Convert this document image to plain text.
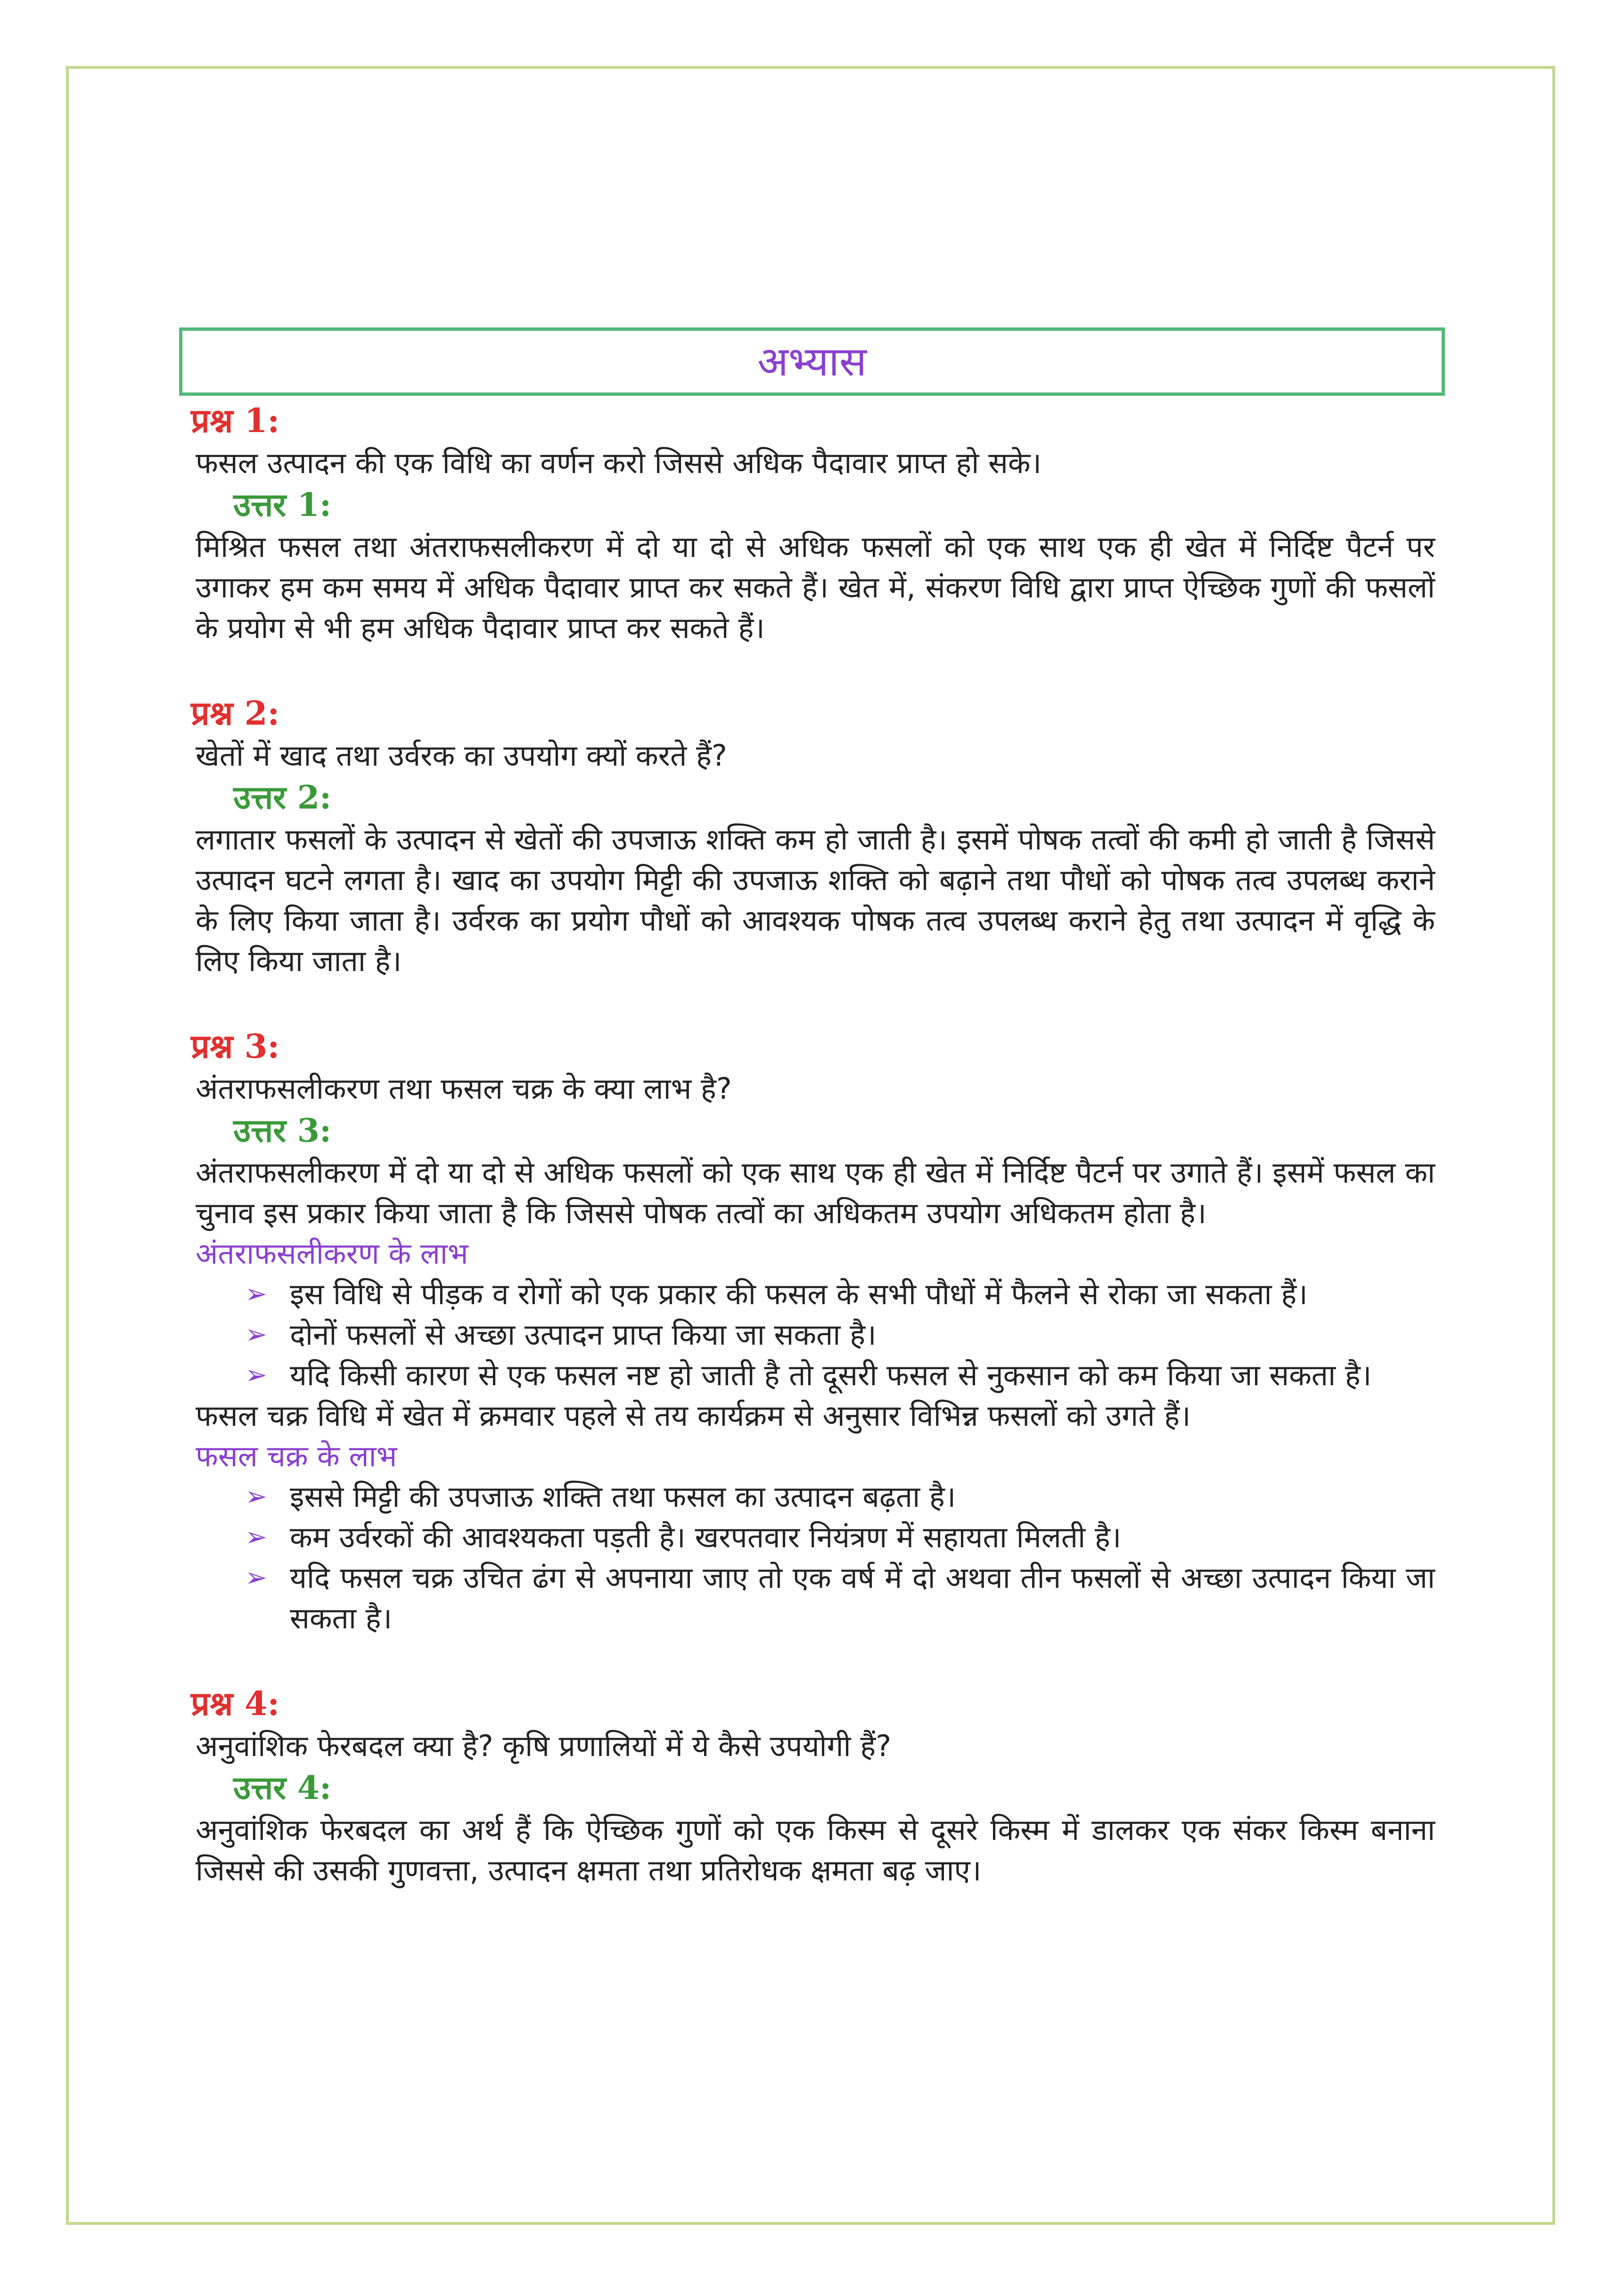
अभ्यास

प्रश्न 1:

फसल उत्पादन की एक विधि का वर्णन करो जिससे अधिक पैदावार प्राप्त हो सके।

उत्तर 1:

मिश्रित फसल तथा अंतराफसलीकरण में दो या दो से अधिक फसलों को एक साथ एक ही खेत में निर्दिष्ट पैटर्न पर उगाकर हम कम समय में अधिक पैदावार प्राप्त कर सकते हैं। खेत में, संकरण विधि द्वारा प्राप्त ऐच्छिक गुणों की फसलों के प्रयोग से भी हम अधिक पैदावार प्राप्त कर सकते हैं।

प्रश्न 2:

खेतों में खाद तथा उर्वरक का उपयोग क्यों करते हैं?

उत्तर 2:

लगातार फसलों के उत्पादन से खेतों की उपजाऊ शक्ति कम हो जाती है। इसमें पोषक तत्वों की कमी हो जाती है जिससे उत्पादन घटने लगता है। खाद का उपयोग मिट्टी की उपजाऊ शक्ति को बढ़ाने तथा पौधों को पोषक तत्व उपलब्ध कराने के लिए किया जाता है। उर्वरक का प्रयोग पौधों को आवश्यक पोषक तत्व उपलब्ध कराने हेतु तथा उत्पादन में वृद्धि के लिए किया जाता है।

प्रश्न 3:

अंतराफसलीकरण तथा फसल चक्र के क्या लाभ है?

उत्तर 3:

अंतराफसलीकरण में दो या दो से अधिक फसलों को एक साथ एक ही खेत में निर्दिष्ट पैटर्न पर उगाते हैं। इसमें फसल का चुनाव इस प्रकार किया जाता है कि जिससे पोषक तत्वों का अधिकतम उपयोग अधिकतम होता है।

अंतराफसलीकरण के लाभ

➢ इस विधि से पीड़क व रोगों को एक प्रकार की फसल के सभी पौधों में फैलने से रोका जा सकता हैं।
➢ दोनों फसलों से अच्छा उत्पादन प्राप्त किया जा सकता है।
➢ यदि किसी कारण से एक फसल नष्ट हो जाती है तो दूसरी फसल से नुकसान को कम किया जा सकता है।

फसल चक्र विधि में खेत में क्रमवार पहले से तय कार्यक्रम से अनुसार विभिन्न फसलों को उगते हैं।

फसल चक्र के लाभ

➢ इससे मिट्टी की उपजाऊ शक्ति तथा फसल का उत्पादन बढ़ता है।
➢ कम उर्वरकों की आवश्यकता पड़ती है। खरपतवार नियंत्रण में सहायता मिलती है।
➢ यदि फसल चक्र उचित ढंग से अपनाया जाए तो एक वर्ष में दो अथवा तीन फसलों से अच्छा उत्पादन किया जा सकता है।

प्रश्न 4:

अनुवांशिक फेरबदल क्या है? कृषि प्रणालियों में ये कैसे उपयोगी हैं?

उत्तर 4:

अनुवांशिक फेरबदल का अर्थ हैं कि ऐच्छिक गुणों को एक किस्म से दूसरे किस्म में डालकर एक संकर किस्म बनाना जिससे की उसकी गुणवत्ता, उत्पादन क्षमता तथा प्रतिरोधक क्षमता बढ़ जाए।
